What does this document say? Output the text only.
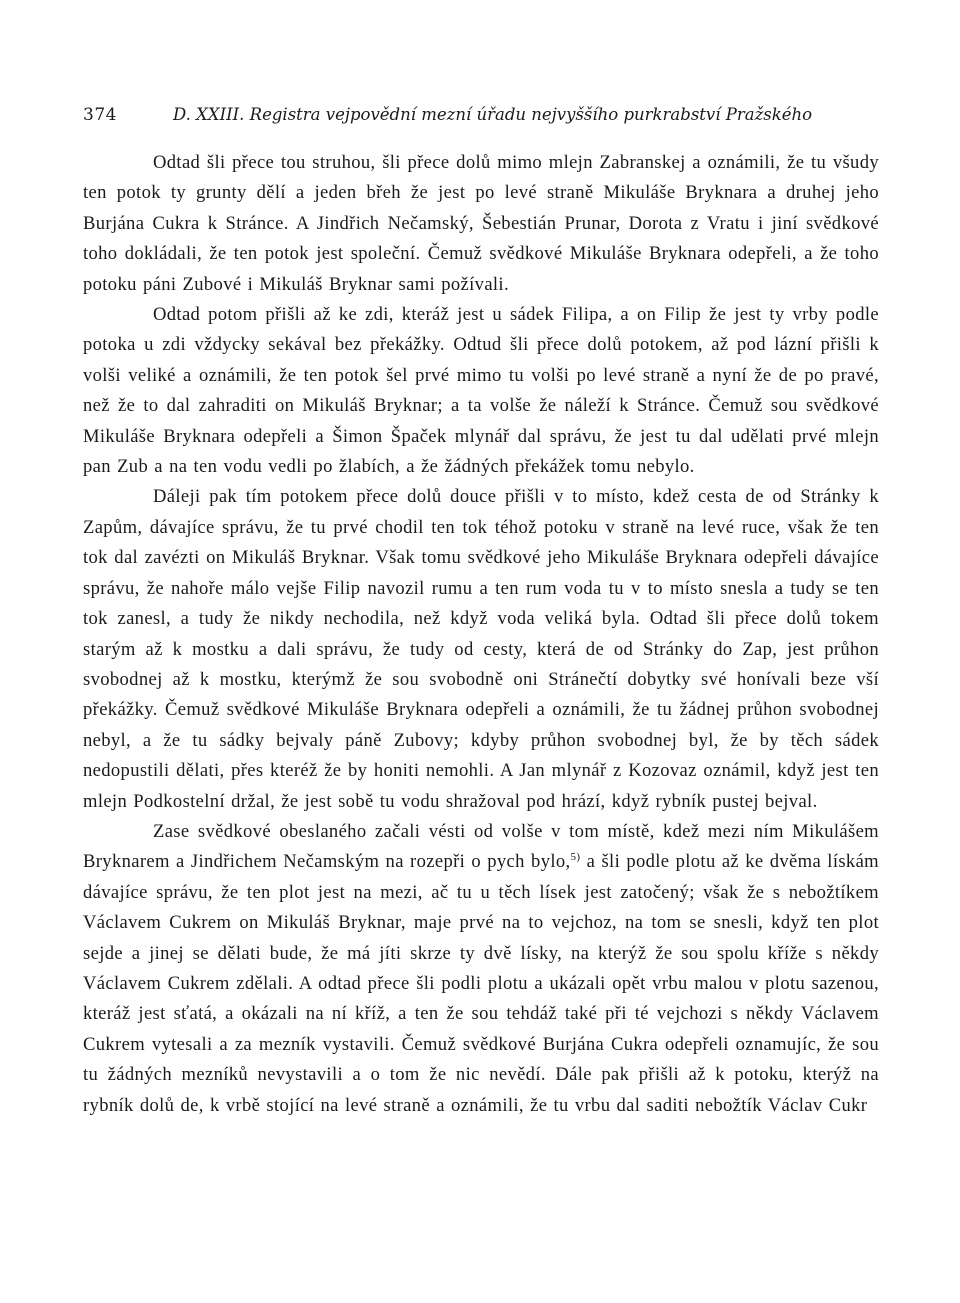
374	D. XXIII. Registra vejpovědní mezní úřadu nejvyššího purkrabství Pražského

Odtad šli přece tou struhou, šli přece dolů mimo mlejn Zabranskej a oznámili, že tu všudy ten potok ty grunty dělí a jeden břeh že jest po levé straně Mikuláše Bryknara a druhej jeho Burjána Cukra k Stránce. A Jindřich Nečamský, Šebestián Prunar, Dorota z Vratu i jiní svědkové toho dokládali, že ten potok jest společní. Čemuž svědkové Mikuláše Bryknara odepřeli, a že toho potoku páni Zubové i Mikuláš Bryknar sami požívali.

Odtad potom přišli až ke zdi, kteráž jest u sádek Filipa, a on Filip že jest ty vrby podle potoka u zdi vždycky sekával bez překážky. Odtud šli přece dolů potokem, až pod lázní přišli k volši veliké a oznámili, že ten potok šel prvé mimo tu volši po levé straně a nyní že de po pravé, než že to dal zahraditi on Mikuláš Bryknar; a ta volše že náleží k Stránce. Čemuž sou svědkové Mikuláše Bryknara odepřeli a Šimon Špaček mlynář dal správu, že jest tu dal udělati prvé mlejn pan Zub a na ten vodu vedli po žlabích, a že žádných překážek tomu nebylo.

Dáleji pak tím potokem přece dolů douce přišli v to místo, kdež cesta de od Stránky k Zapům, dávajíce správu, že tu prvé chodil ten tok téhož potoku v straně na levé ruce, však že ten tok dal zavézti on Mikuláš Bryknar. Však tomu svědkové jeho Mikuláše Bryknara odepřeli dávajíce správu, že nahoře málo vejše Filip navozil rumu a ten rum voda tu v to místo snesla a tudy se ten tok zanesl, a tudy že nikdy nechodila, než když voda veliká byla. Odtad šli přece dolů tokem starým až k mostku a dali správu, že tudy od cesty, která de od Stránky do Zap, jest průhon svobodnej až k mostku, kterýmž že sou svobodně oni Stránečtí dobytky své honívali beze vší překážky. Čemuž svědkové Mikuláše Bryknara odepřeli a oznámili, že tu žádnej průhon svobodnej nebyl, a že tu sádky bejvaly páně Zubovy; kdyby průhon svobodnej byl, že by těch sádek nedopustili dělati, přes kteréž že by honiti nemohli. A Jan mlynář z Kozovaz oznámil, když jest ten mlejn Podkostelní držal, že jest sobě tu vodu shražoval pod hrází, když rybník pustej bejval.

Zase svědkové obeslaného začali vésti od volše v tom místě, kdež mezi ním Mikulášem Bryknarem a Jindřichem Nečamským na rozepři o pych bylo,$^{5)}$ a šli podle plotu až ke dvěma lískám dávajíce správu, že ten plot jest na mezi, ač tu u těch lísek jest zatočený; však že s nebožtíkem Václavem Cukrem on Mikuláš Bryknar, maje prvé na to vejchoz, na tom se snesli, když ten plot sejde a jinej se dělati bude, že má jíti skrze ty dvě lísky, na kterýž že sou spolu kříže s někdy Václavem Cukrem zdělali. A odtad přece šli podli plotu a ukázali opět vrbu malou v plotu sazenou, kteráž jest sťatá, a okázali na ní kříž, a ten že sou tehdáž také při té vejchozi s někdy Václavem Cukrem vytesali a za mezník vystavili. Čemuž svědkové Burjána Cukra odepřeli oznamujíc, že sou tu žádných mezníků nevystavili a o tom že nic nevědí. Dále pak přišli až k potoku, kterýž na rybník dolů de, k vrbě stojící na levé straně a oznámili, že tu vrbu dal saditi nebožtík Václav Cukr
